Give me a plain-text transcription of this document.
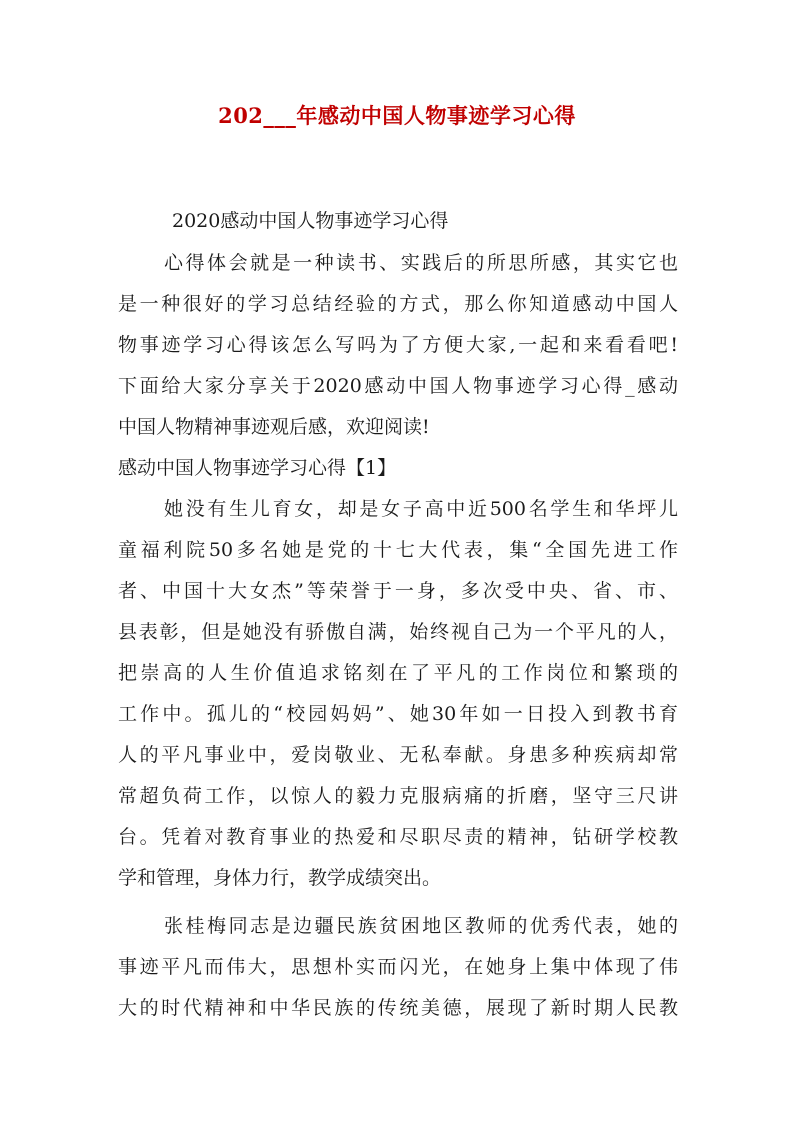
202___年感动中国人物事迹学习心得
2020感动中国人物事迹学习心得
心得体会就是一种读书、实践后的所思所感，其实它也
是一种很好的学习总结经验的方式，那么你知道感动中国人
物事迹学习心得该怎么写吗为了方便大家,一起和来看看吧!
下面给大家分享关于2020感动中国人物事迹学习心得_感动
中国人物精神事迹观后感，欢迎阅读!
感动中国人物事迹学习心得【1】
她没有生儿育女，却是女子高中近500名学生和华坪儿
童福利院50多名她是党的十七大代表，集“全国先进工作
者、中国十大女杰”等荣誉于一身，多次受中央、省、市、
县表彰，但是她没有骄傲自满，始终视自己为一个平凡的人，
把崇高的人生价值追求铭刻在了平凡的工作岗位和繁琐的
工作中。孤儿的“校园妈妈”、她30年如一日投入到教书育
人的平凡事业中，爱岗敬业、无私奉献。身患多种疾病却常
常超负荷工作，以惊人的毅力克服病痛的折磨，坚守三尺讲
台。凭着对教育事业的热爱和尽职尽责的精神，钻研学校教
学和管理，身体力行，教学成绩突出。
张桂梅同志是边疆民族贫困地区教师的优秀代表，她的
事迹平凡而伟大，思想朴实而闪光，在她身上集中体现了伟
大的时代精神和中华民族的传统美德，展现了新时期人民教
